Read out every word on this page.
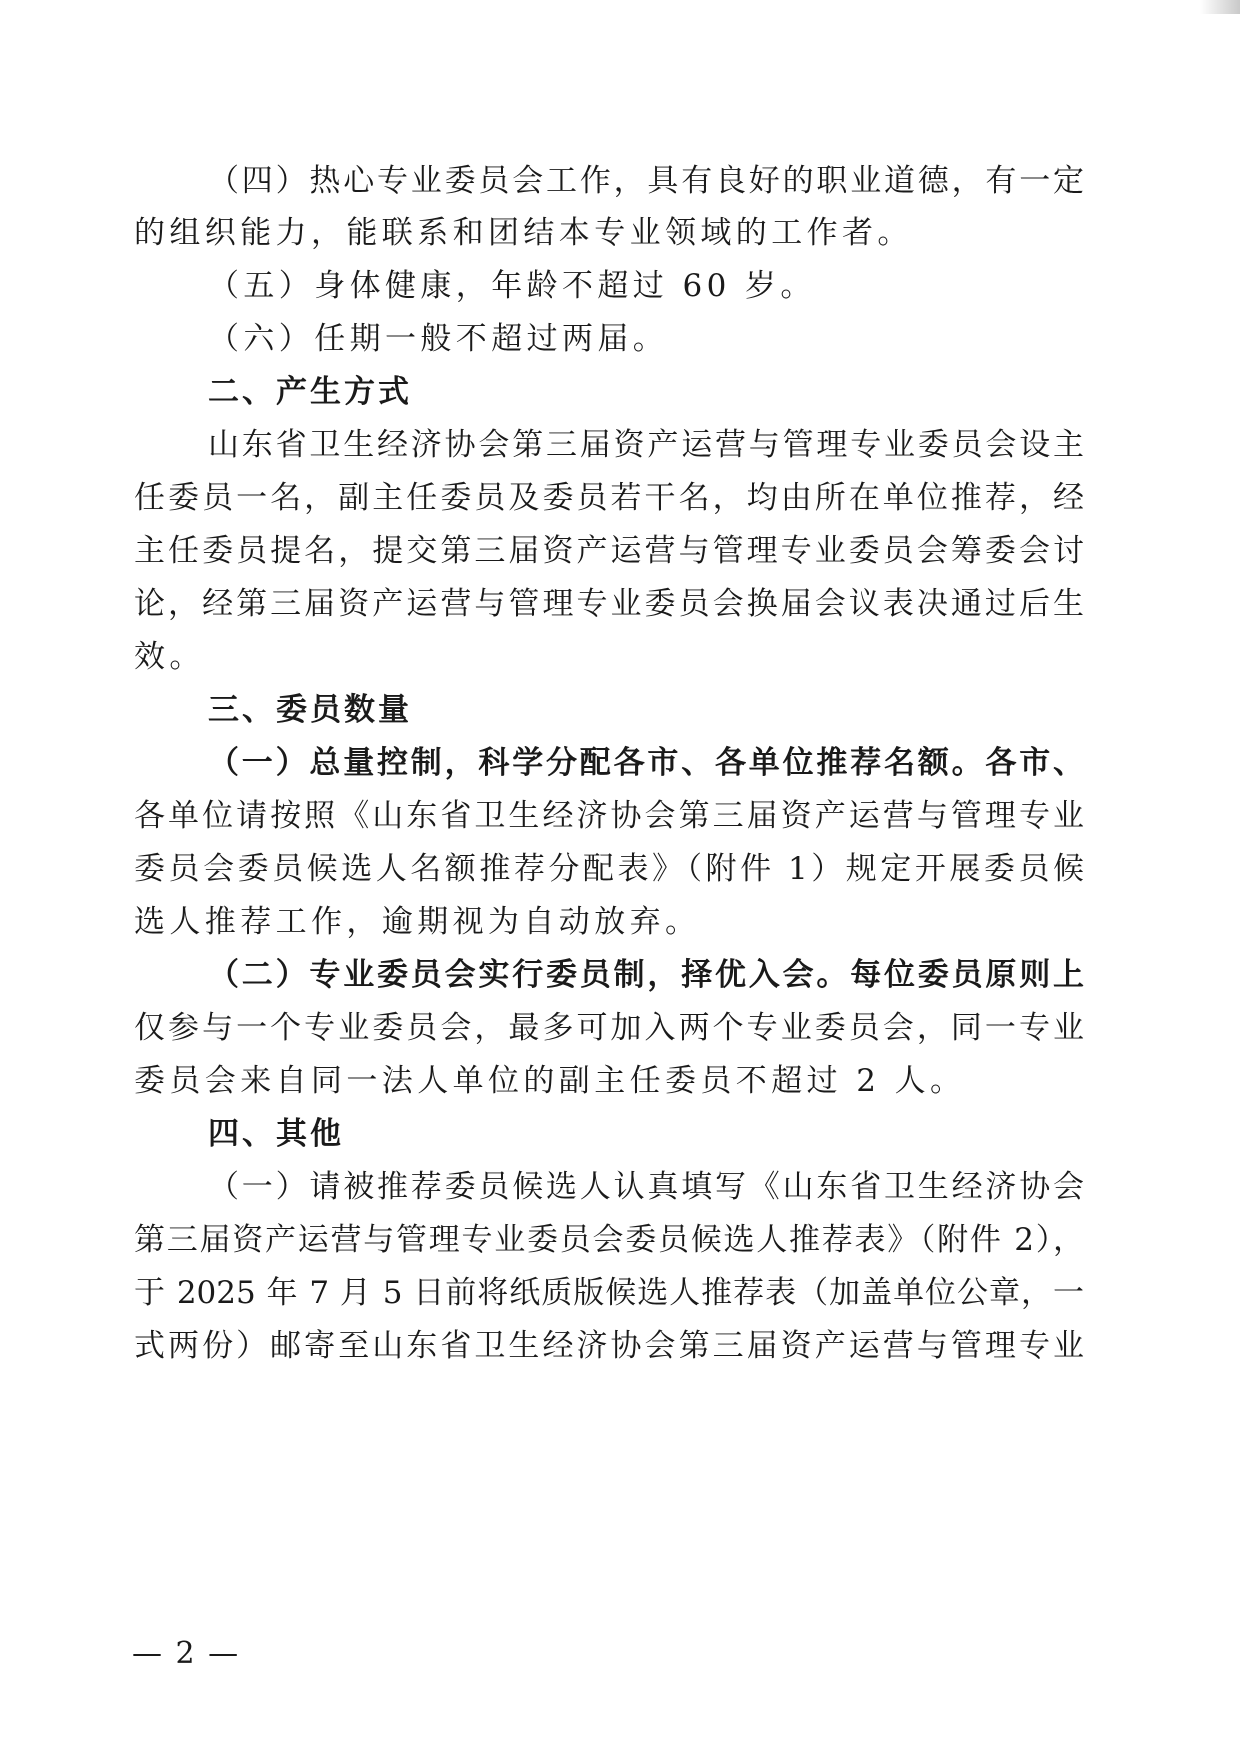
（四）热心专业委员会工作，具有良好的职业道德，有一定
的组织能力，能联系和团结本专业领域的工作者。
（五）身体健康，年龄不超过 60 岁。
（六）任期一般不超过两届。
二、产生方式
山东省卫生经济协会第三届资产运营与管理专业委员会设主
任委员一名，副主任委员及委员若干名，均由所在单位推荐，经
主任委员提名，提交第三届资产运营与管理专业委员会筹委会讨
论，经第三届资产运营与管理专业委员会换届会议表决通过后生
效。
三、委员数量
（一）总量控制，科学分配各市、各单位推荐名额。各市、
各单位请按照《山东省卫生经济协会第三届资产运营与管理专业
委员会委员候选人名额推荐分配表》（附件 1）规定开展委员候
选人推荐工作，逾期视为自动放弃。
（二）专业委员会实行委员制，择优入会。每位委员原则上
仅参与一个专业委员会，最多可加入两个专业委员会，同一专业
委员会来自同一法人单位的副主任委员不超过 2 人。
四、其他
（一）请被推荐委员候选人认真填写《山东省卫生经济协会
第三届资产运营与管理专业委员会委员候选人推荐表》（附件 2），
于 2025 年 7 月 5 日前将纸质版候选人推荐表（加盖单位公章，一
式两份）邮寄至山东省卫生经济协会第三届资产运营与管理专业
— 2 —
